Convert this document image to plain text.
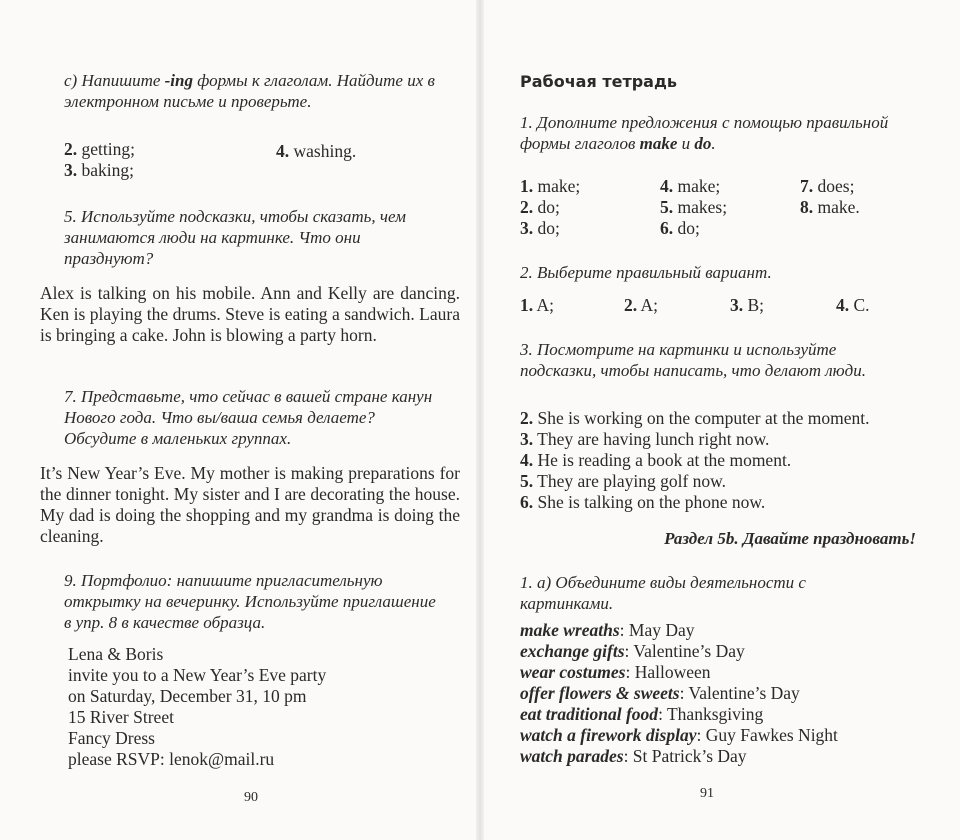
c) Напишите -ing формы к глаголам. Найдите их в электронном письме и проверьте.
2. getting;
3. baking;
4. washing.
5. Используйте подсказки, чтобы сказать, чем занимаются люди на картинке. Что они празднуют?
Alex is talking on his mobile. Ann and Kelly are dancing. Ken is playing the drums. Steve is eating a sandwich. Laura is bringing a cake. John is blowing a party horn.
7. Представьте, что сейчас в вашей стране канун Нового года. Что вы/ваша семья делаете? Обсудите в маленьких группах.
It’s New Year’s Eve. My mother is making preparations for the dinner tonight. My sister and I are decorating the house. My dad is doing the shopping and my grandma is doing the cleaning.
9. Портфолио: напишите пригласительную открытку на вечеринку. Используйте приглашение в упр. 8 в качестве образца.
Lena & Boris
invite you to a New Year’s Eve party
on Saturday, December 31, 10 pm
15 River Street
Fancy Dress
please RSVP: lenok@mail.ru
90
Рабочая тетрадь
1. Дополните предложения с помощью правильной формы глаголов make и do.
1. make;
2. do;
3. do;
4. make;
5. makes;
6. do;
7. does;
8. make.
2. Выберите правильный вариант.
1. A;	2. A;	3. B;	4. C.
3. Посмотрите на картинки и используйте подсказки, чтобы написать, что делают люди.
2. She is working on the computer at the moment.
3. They are having lunch right now.
4. He is reading a book at the moment.
5. They are playing golf now.
6. She is talking on the phone now.
Раздел 5b. Давайте праздновать!
1. a) Объедините виды деятельности с картинками.
make wreaths: May Day
exchange gifts: Valentine’s Day
wear costumes: Halloween
offer flowers & sweets: Valentine’s Day
eat traditional food: Thanksgiving
watch a firework display: Guy Fawkes Night
watch parades: St Patrick’s Day
91
